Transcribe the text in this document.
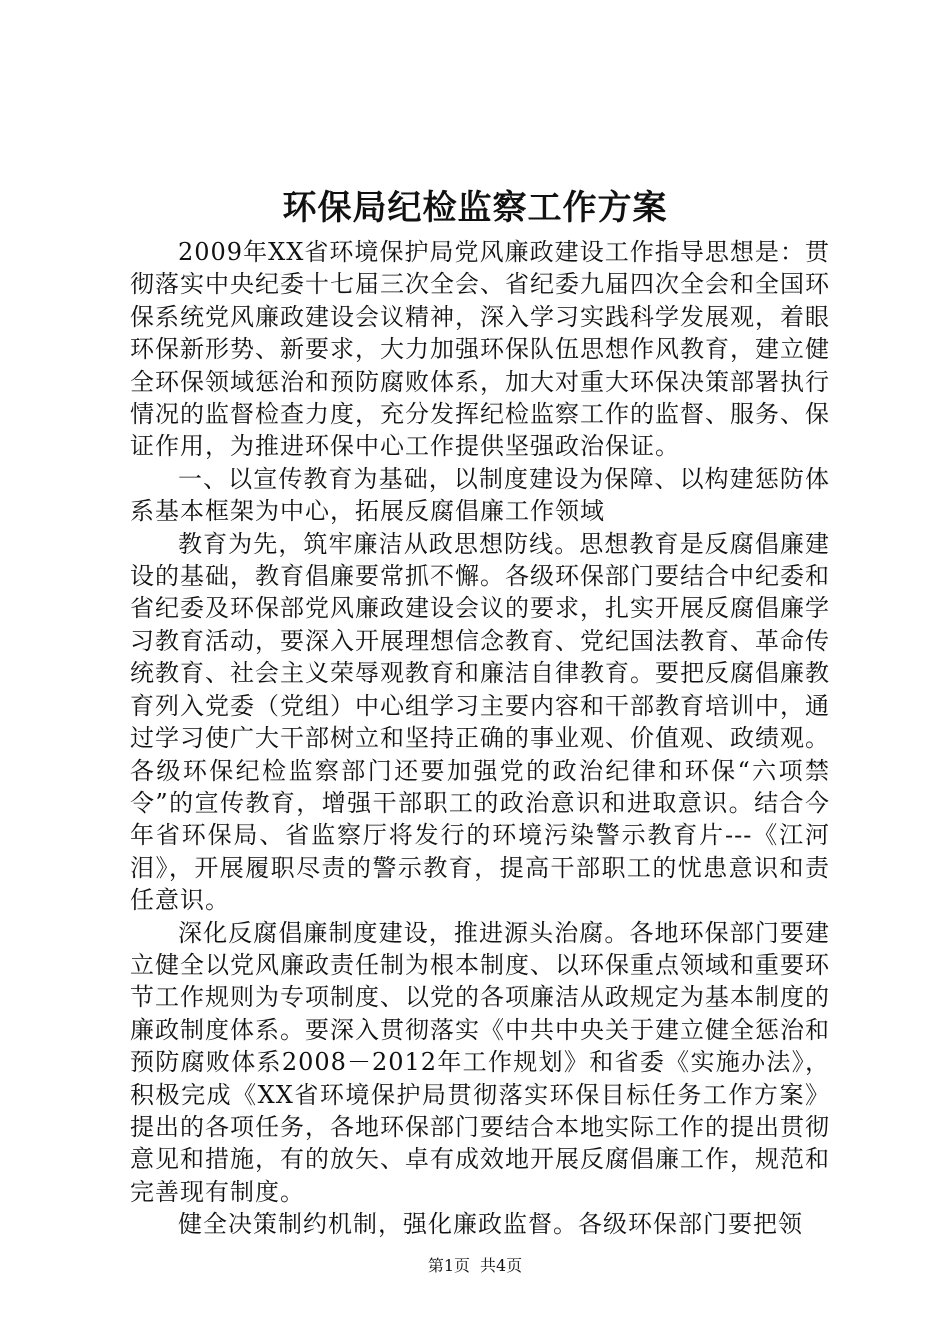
环保局纪检监察工作方案

2009年XX省环境保护局党风廉政建设工作指导思想是：贯彻落实中央纪委十七届三次全会、省纪委九届四次全会和全国环保系统党风廉政建设会议精神，深入学习实践科学发展观，着眼环保新形势、新要求，大力加强环保队伍思想作风教育，建立健全环保领域惩治和预防腐败体系，加大对重大环保决策部署执行情况的监督检查力度，充分发挥纪检监察工作的监督、服务、保证作用，为推进环保中心工作提供坚强政治保证。

一、以宣传教育为基础，以制度建设为保障、以构建惩防体系基本框架为中心，拓展反腐倡廉工作领域

教育为先，筑牢廉洁从政思想防线。思想教育是反腐倡廉建设的基础，教育倡廉要常抓不懈。各级环保部门要结合中纪委和省纪委及环保部党风廉政建设会议的要求，扎实开展反腐倡廉学习教育活动，要深入开展理想信念教育、党纪国法教育、革命传统教育、社会主义荣辱观教育和廉洁自律教育。要把反腐倡廉教育列入党委（党组）中心组学习主要内容和干部教育培训中，通过学习使广大干部树立和坚持正确的事业观、价值观、政绩观。各级环保纪检监察部门还要加强党的政治纪律和环保“六项禁令”的宣传教育，增强干部职工的政治意识和进取意识。结合今年省环保局、省监察厅将发行的环境污染警示教育片---《江河泪》，开展履职尽责的警示教育，提高干部职工的忧患意识和责任意识。

深化反腐倡廉制度建设，推进源头治腐。各地环保部门要建立健全以党风廉政责任制为根本制度、以环保重点领域和重要环节工作规则为专项制度、以党的各项廉洁从政规定为基本制度的廉政制度体系。要深入贯彻落实《中共中央关于建立健全惩治和预防腐败体系2008－2012年工作规划》和省委《实施办法》，积极完成《XX省环境保护局贯彻落实环保目标任务工作方案》提出的各项任务，各地环保部门要结合本地实际工作的提出贯彻意见和措施，有的放矢、卓有成效地开展反腐倡廉工作，规范和完善现有制度。

健全决策制约机制，强化廉政监督。各级环保部门要把领

第1页 共4页
